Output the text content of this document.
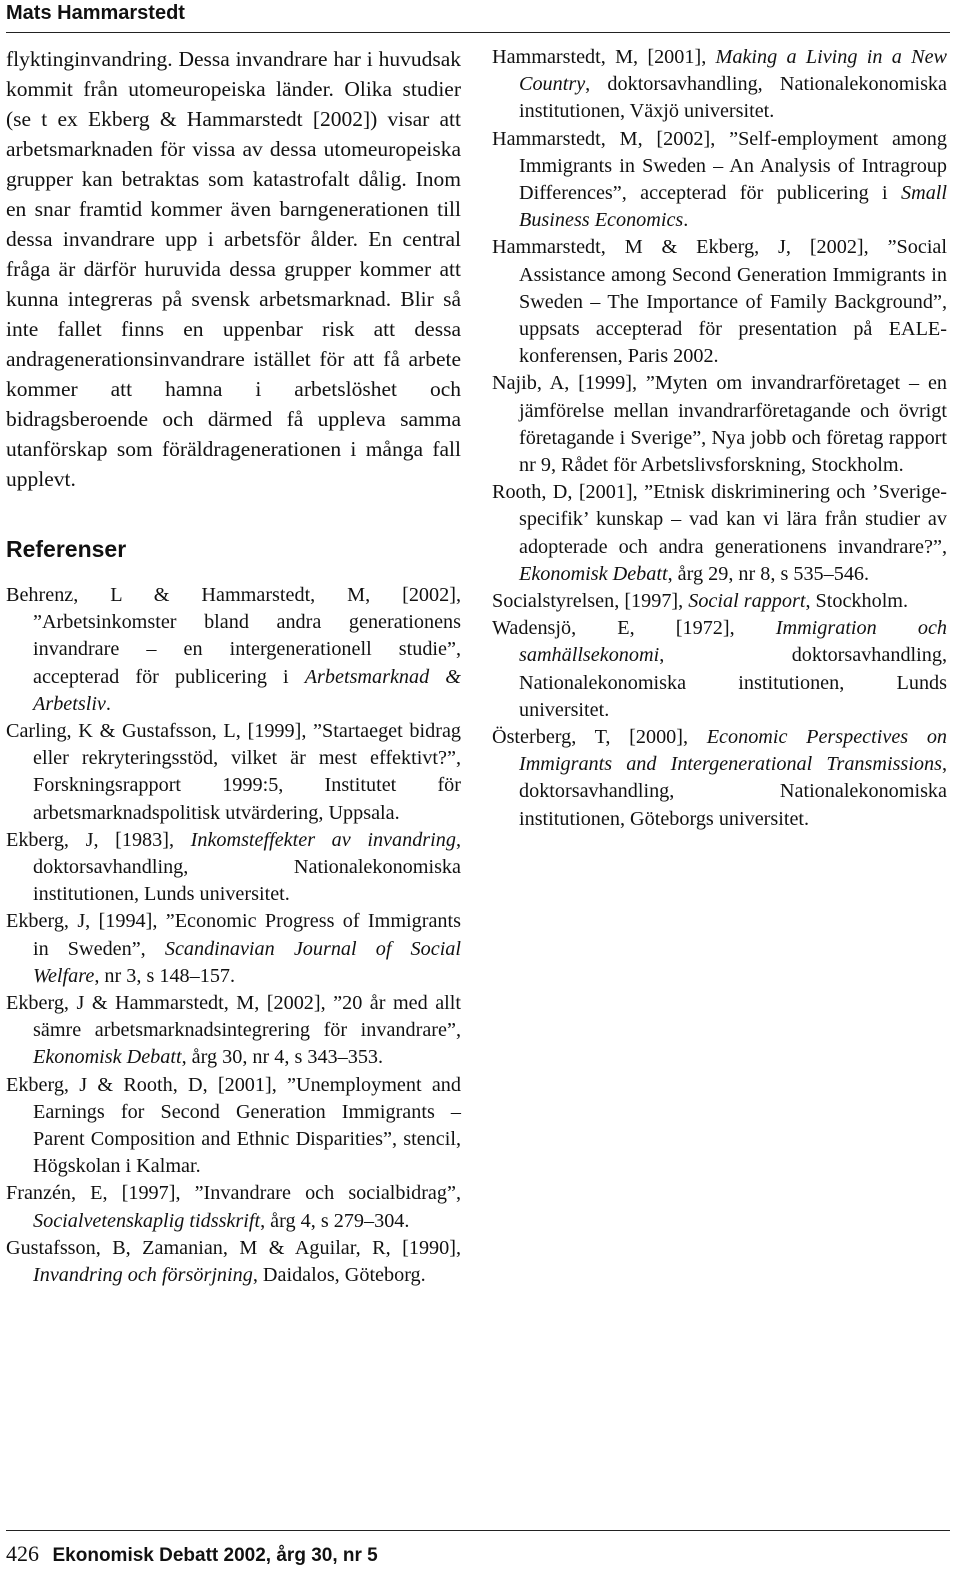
Mats Hammarstedt

flyktinginvandring. Dessa invandrare har i huvudsak kommit från utomeuropeiska länder. Olika studier (se t ex Ekberg & Hammarstedt [2002]) visar att arbetsmarknaden för vissa av dessa utomeuropeiska grupper kan betraktas som katastrofalt dålig. Inom en snar framtid kommer även barngenerationen till dessa invandrare upp i arbetsför ålder. En central fråga är därför huruvida dessa grupper kommer att kunna integreras på svensk arbetsmarknad. Blir så inte fallet finns en uppenbar risk att dessa andragenerationsinvandrare istället för att få arbete kommer att hamna i arbetslöshet och bidragsberoende och därmed få uppleva samma utanförskap som föräldragenerationen i många fall upplevt.

Referenser

Behrenz, L & Hammarstedt, M, [2002], ”Arbetsinkomster bland andra generationens invandrare – en intergenerationell studie”, accepterad för publicering i Arbetsmarknad & Arbetsliv.

Carling, K & Gustafsson, L, [1999], ”Startaeget bidrag eller rekryteringsstöd, vilket är mest effektivt?”, Forskningsrapport 1999:5, Institutet för arbetsmarknadspolitisk utvärdering, Uppsala.

Ekberg, J, [1983], Inkomsteffekter av invandring, doktorsavhandling, Nationalekonomiska institutionen, Lunds universitet.

Ekberg, J, [1994], ”Economic Progress of Immigrants in Sweden”, Scandinavian Journal of Social Welfare, nr 3, s 148–157.

Ekberg, J & Hammarstedt, M, [2002], ”20 år med allt sämre arbetsmarknadsintegrering för invandrare”, Ekonomisk Debatt, årg 30, nr 4, s 343–353.

Ekberg, J & Rooth, D, [2001], ”Unemployment and Earnings for Second Generation Immigrants – Parent Composition and Ethnic Disparities”, stencil, Högskolan i Kalmar.

Franzén, E, [1997], ”Invandrare och socialbidrag”, Socialvetenskaplig tidsskrift, årg 4, s 279–304.

Gustafsson, B, Zamanian, M & Aguilar, R, [1990], Invandring och försörjning, Daidalos, Göteborg.

Hammarstedt, M, [2001], Making a Living in a New Country, doktorsavhandling, Nationalekonomiska institutionen, Växjö universitet.

Hammarstedt, M, [2002], ”Self-employment among Immigrants in Sweden – An Analysis of Intragroup Differences”, accepterad för publicering i Small Business Economics.

Hammarstedt, M & Ekberg, J, [2002], ”Social Assistance among Second Generation Immigrants in Sweden – The Importance of Family Background”, uppsats accepterad för presentation på EALE-konferensen, Paris 2002.

Najib, A, [1999], ”Myten om invandrarföretaget – en jämförelse mellan invandrarföretagande och övrigt företagande i Sverige”, Nya jobb och företag rapport nr 9, Rådet för Arbetslivsforskning, Stockholm.

Rooth, D, [2001], ”Etnisk diskriminering och ’Sverige-specifik’ kunskap – vad kan vi lära från studier av adopterade och andra generationens invandrare?”, Ekonomisk Debatt, årg 29, nr 8, s 535–546.

Socialstyrelsen, [1997], Social rapport, Stockholm.

Wadensjö, E, [1972], Immigration och samhällsekonomi, doktorsavhandling, Nationalekonomiska institutionen, Lunds universitet.

Österberg, T, [2000], Economic Perspectives on Immigrants and Intergenerational Transmissions, doktorsavhandling, Nationalekonomiska institutionen, Göteborgs universitet.

426 Ekonomisk Debatt 2002, årg 30, nr 5
